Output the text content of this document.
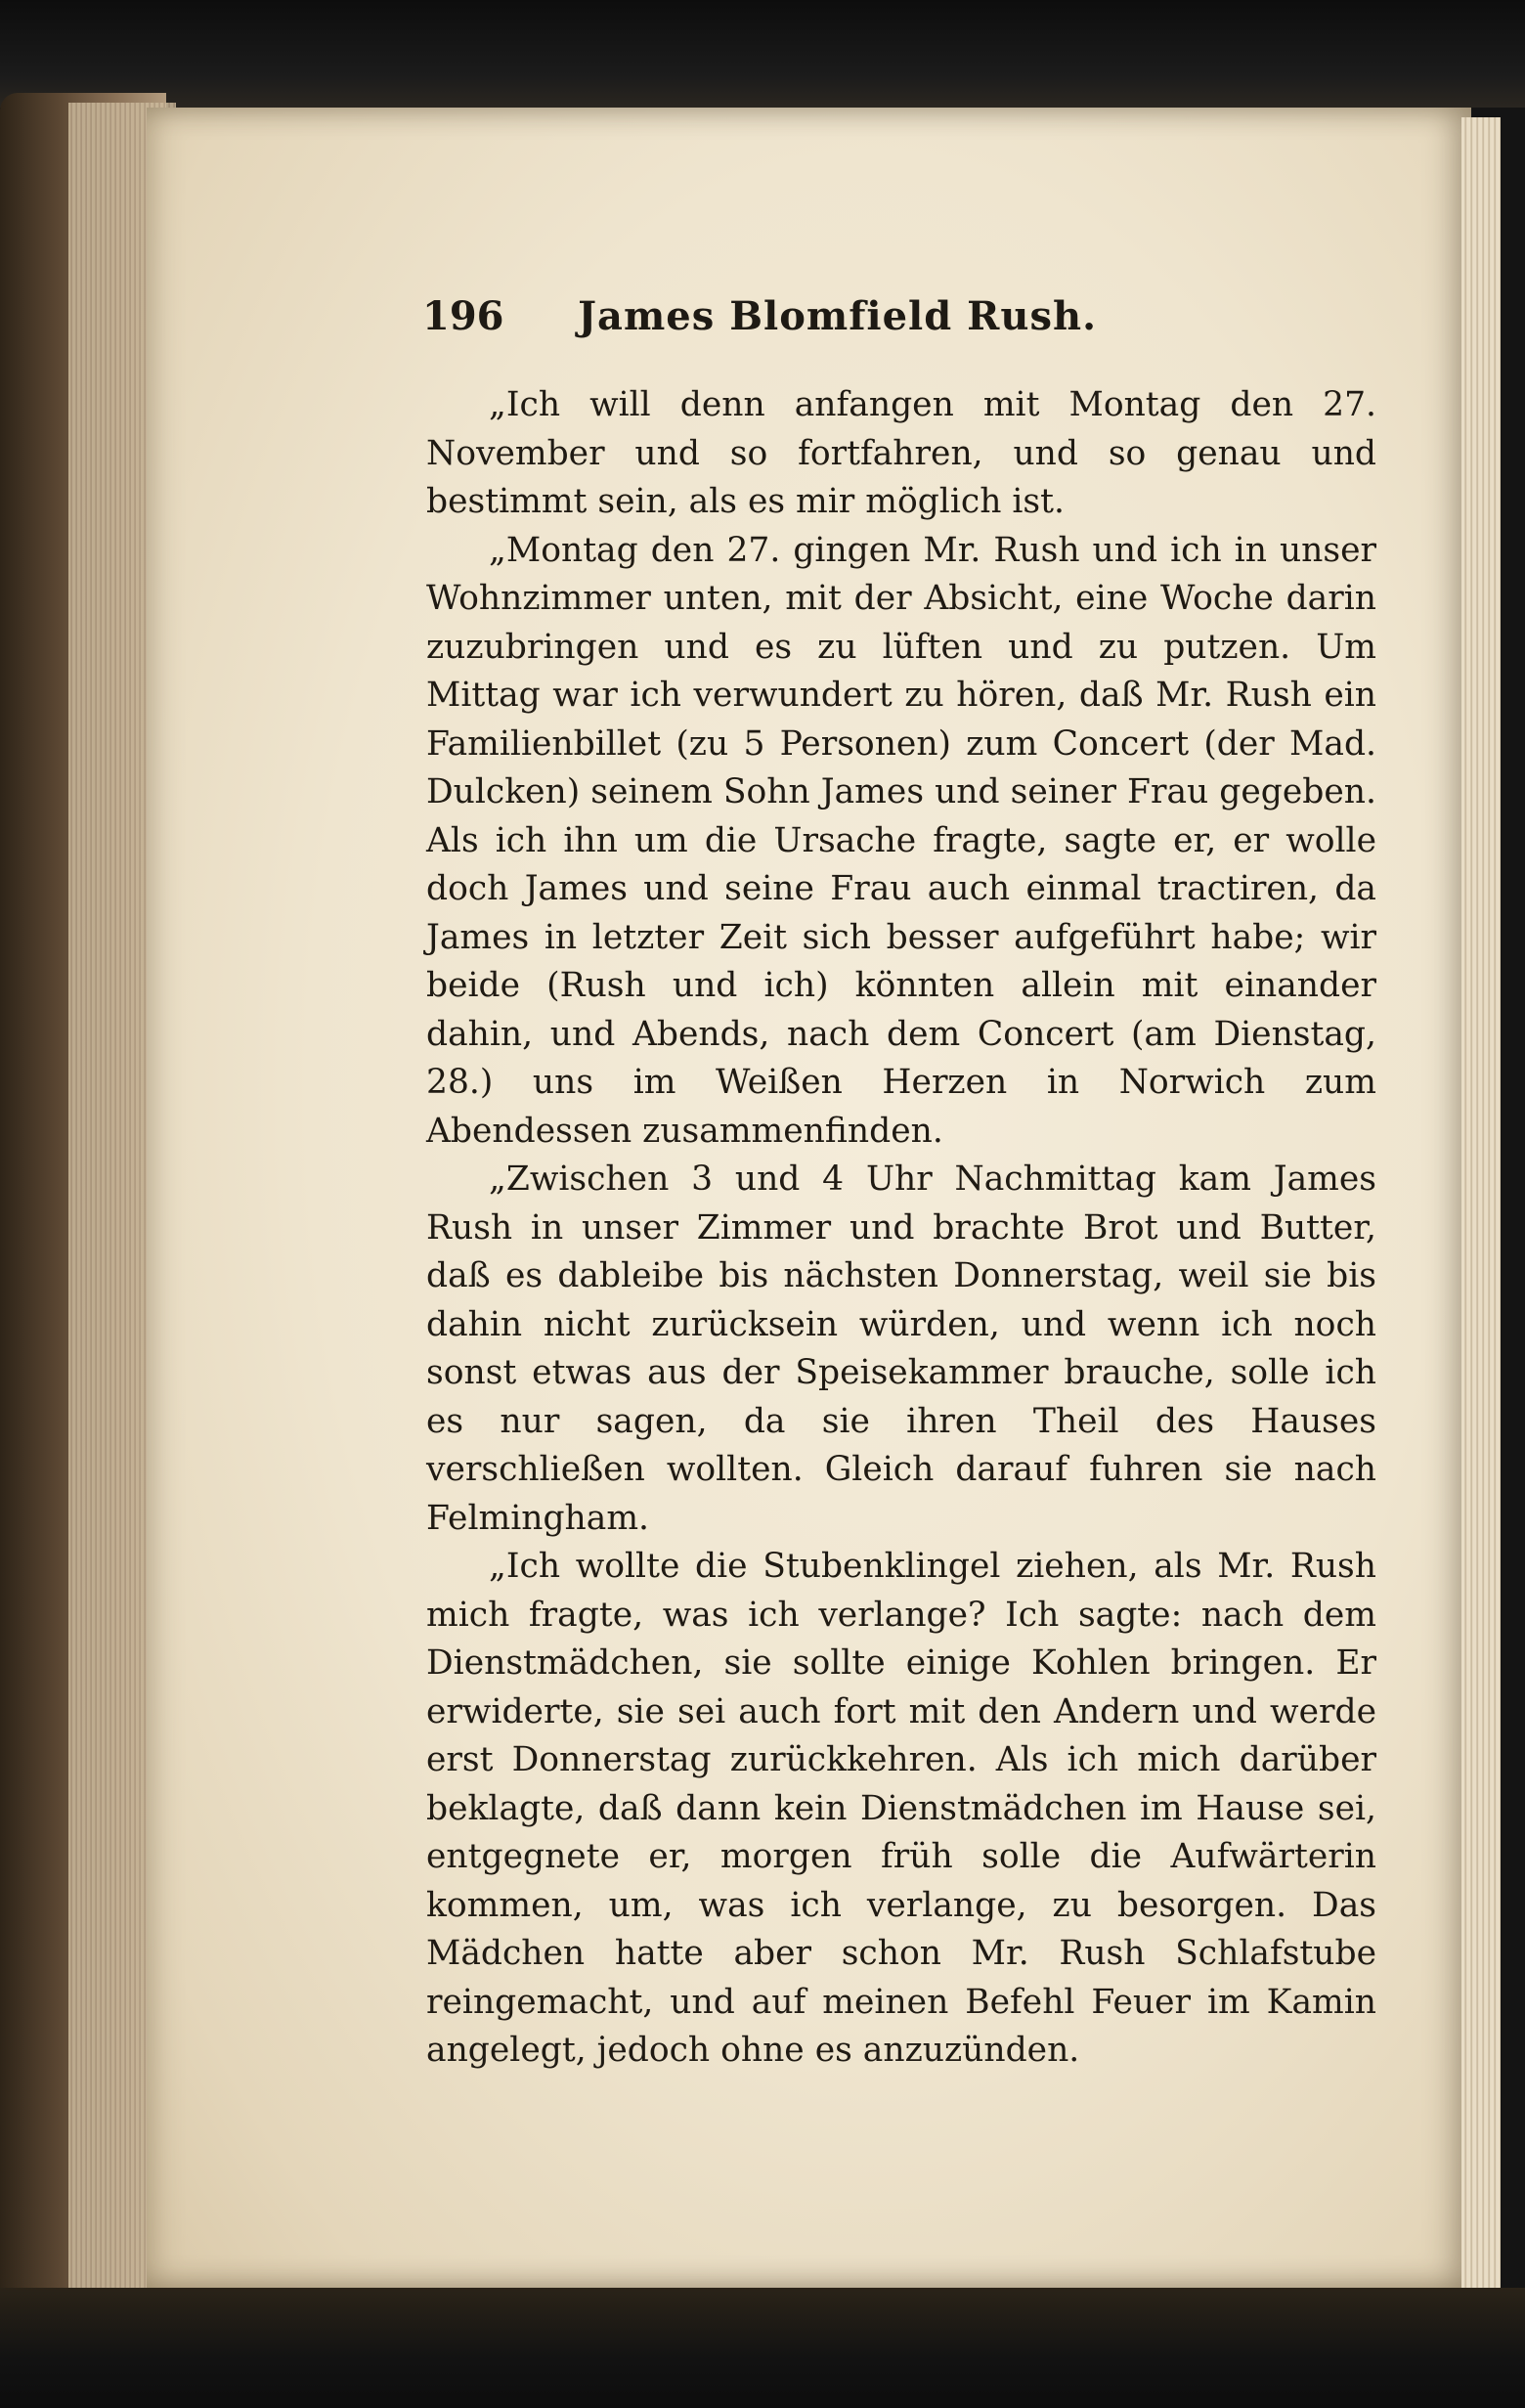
196 James Blomfield Rush.

„Ich will denn anfangen mit Montag den 27. November und so fortfahren, und so genau und bestimmt sein, als es mir möglich ist.

„Montag den 27. gingen Mr. Rush und ich in unser Wohnzimmer unten, mit der Absicht, eine Woche darin zuzubringen und es zu lüften und zu putzen. Um Mittag war ich verwundert zu hören, daß Mr. Rush ein Familienbillet (zu 5 Personen) zum Concert (der Mad. Dulcken) seinem Sohn James und seiner Frau gegeben. Als ich ihn um die Ursache fragte, sagte er, er wolle doch James und seine Frau auch einmal tractiren, da James in letzter Zeit sich besser aufgeführt habe; wir beide (Rush und ich) könnten allein mit einander dahin, und Abends, nach dem Concert (am Dienstag, 28.) uns im Weißen Herzen in Norwich zum Abendessen zusammenfinden.

„Zwischen 3 und 4 Uhr Nachmittag kam James Rush in unser Zimmer und brachte Brot und Butter, daß es dableibe bis nächsten Donnerstag, weil sie bis dahin nicht zurücksein würden, und wenn ich noch sonst etwas aus der Speisekammer brauche, solle ich es nur sagen, da sie ihren Theil des Hauses verschließen wollten. Gleich darauf fuhren sie nach Felmingham.

„Ich wollte die Stubenklingel ziehen, als Mr. Rush mich fragte, was ich verlange? Ich sagte: nach dem Dienstmädchen, sie sollte einige Kohlen bringen. Er erwiderte, sie sei auch fort mit den Andern und werde erst Donnerstag zurückkehren. Als ich mich darüber beklagte, daß dann kein Dienstmädchen im Hause sei, entgegnete er, morgen früh solle die Aufwärterin kommen, um, was ich verlange, zu besorgen. Das Mädchen hatte aber schon Mr. Rush Schlafstube reingemacht, und auf meinen Befehl Feuer im Kamin angelegt, jedoch ohne es anzuzünden.
